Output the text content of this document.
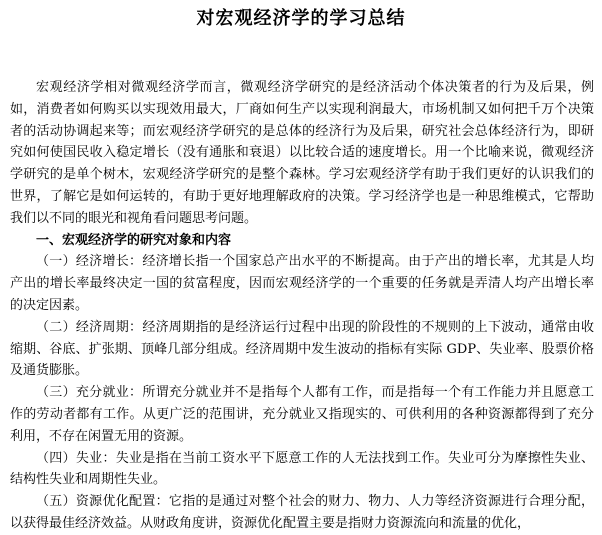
对宏观经济学的学习总结

宏观经济学相对微观经济学而言，微观经济学研究的是经济活动个体决策者的行为及后果，例如，消费者如何购买以实现效用最大，厂商如何生产以实现利润最大，市场机制又如何把千万个决策者的活动协调起来等；而宏观经济学研究的是总体的经济行为及后果，研究社会总体经济行为，即研究如何使国民收入稳定增长（没有通胀和衰退）以比较合适的速度增长。用一个比喻来说，微观经济学研究的是单个树木，宏观经济学研究的是整个森林。学习宏观经济学有助于我们更好的认识我们的世界，了解它是如何运转的，有助于更好地理解政府的决策。学习经济学也是一种思维模式，它帮助我们以不同的眼光和视角看问题思考问题。

一、宏观经济学的研究对象和内容

（一）经济增长：经济增长指一个国家总产出水平的不断提高。由于产出的增长率，尤其是人均产出的增长率最终决定一国的贫富程度，因而宏观经济学的一个重要的任务就是弄清人均产出增长率的决定因素。

（二）经济周期：经济周期指的是经济运行过程中出现的阶段性的不规则的上下波动，通常由收缩期、谷底、扩张期、顶峰几部分组成。经济周期中发生波动的指标有实际 GDP、失业率、股票价格及通货膨胀。

（三）充分就业：所谓充分就业并不是指每个人都有工作，而是指每一个有工作能力并且愿意工作的劳动者都有工作。从更广泛的范围讲，充分就业又指现实的、可供利用的各种资源都得到了充分利用，不存在闲置无用的资源。

（四）失业：失业是指在当前工资水平下愿意工作的人无法找到工作。失业可分为摩擦性失业、结构性失业和周期性失业。

（五）资源优化配置：它指的是通过对整个社会的财力、物力、人力等经济资源进行合理分配，以获得最佳经济效益。从财政角度讲，资源优化配置主要是指财力资源流向和流量的优化，
